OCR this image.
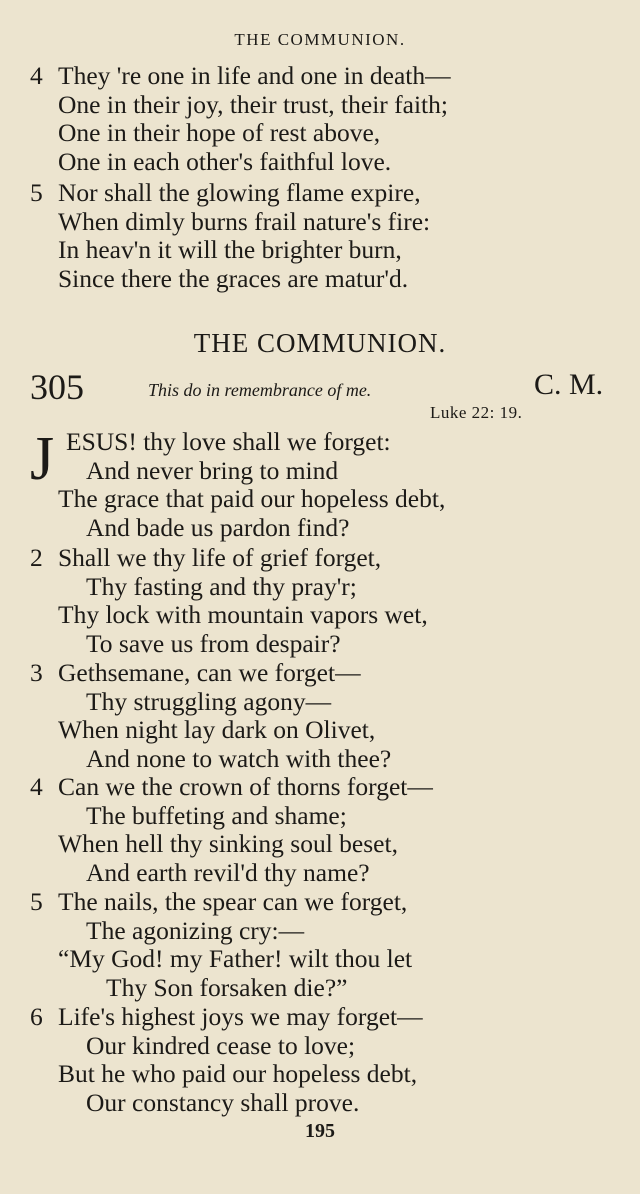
THE COMMUNION.
4 They 're one in life and one in death—
One in their joy, their trust, their faith;
One in their hope of rest above,
One in each other's faithful love.
5 Nor shall the glowing flame expire,
When dimly burns frail nature's fire:
In heav'n it will the brighter burn,
Since there the graces are matur'd.
THE COMMUNION.
305	This do in remembrance of me.	C. M.
Luke 22: 19.
J ESUS! thy love shall we forget:
And never bring to mind
The grace that paid our hopeless debt,
And bade us pardon find?
2 Shall we thy life of grief forget,
Thy fasting and thy pray'r;
Thy lock with mountain vapors wet,
To save us from despair?
3 Gethsemane, can we forget—
Thy struggling agony—
When night lay dark on Olivet,
And none to watch with thee?
4 Can we the crown of thorns forget—
The buffeting and shame;
When hell thy sinking soul beset,
And earth revil'd thy name?
5 The nails, the spear can we forget,
The agonizing cry:—
“My God! my Father! wilt thou let
Thy Son forsaken die?”
6 Life's highest joys we may forget—
Our kindred cease to love;
But he who paid our hopeless debt,
Our constancy shall prove.
195
